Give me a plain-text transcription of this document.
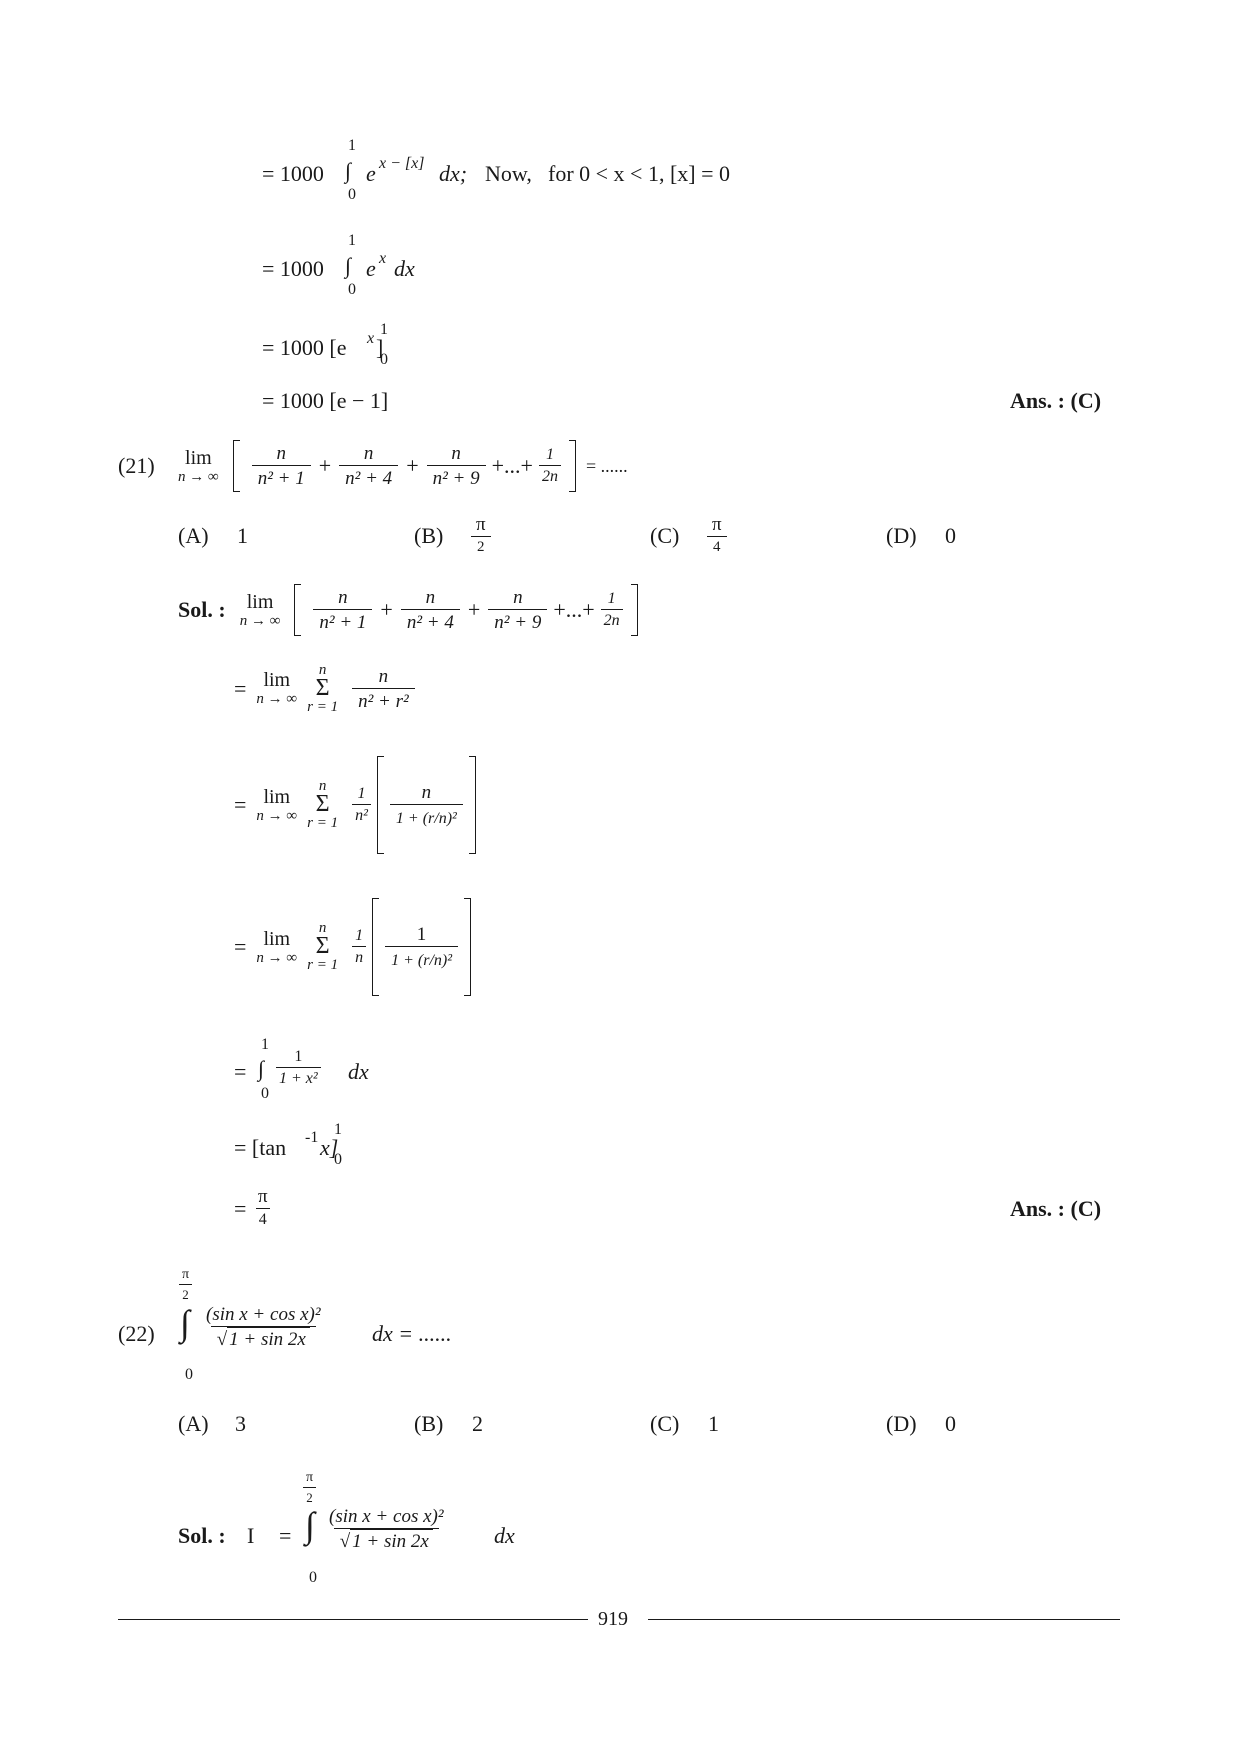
= 1000
1
∫
0
e x − [x] dx; Now, for 0 < x < 1, [x] = 0
= 1000
1
∫
0
e x dx
= 1000 [e x ]
1
0
= 1000 [e − 1]	Ans. : (C)
(21)	lim
n → ∞ $\frac{n}{\text{n² + 1}} + \frac{n}{\text{n² + 4}} + \frac{n}{\text{n² + 9}}$ +...+ $\frac{1}{2n}$ = ......
(A) 1	(B)	π
2	(C)	π
4	(D) 0
Sol. : lim
n → ∞ $\frac{n}{\text{n² + 1}} + \frac{n}{\text{n² + 4}} + \frac{n}{\text{n² + 9}}$ +...+ $\frac{1}{2n}$
= lim
n → ∞
n
Σ
$r = 1 \frac{n}{\text{n² + r²}}$
= lim
n → ∞
n
Σ
$r = 1 \frac{1}{\text{n²}} \frac{n}{\text{1 + (r/n)²}}$
= lim
n → ∞
n
Σ
$r = 1 \frac{1}{n} \frac{1}{\text{1 + (r/n)²}}$
=
1
∫
0
$\frac{1}{\text{1 + x²}}$ dx
= [tan -1 x]
1
0
= π
4	Ans. : (C)
(22)
$\frac{\pi}{2}$
∫
0
$\frac{\text{(sin x + cos x)²}}{√ 1 + \sin 2x}$ dx = ......
(A) 3	(B) 2	(C) 1	(D) 0
Sol. : I =
$\frac{\pi}{2}$
∫
0
$\frac{\text{(sin x + cos x)²}}{√ 1 + \sin 2x}$ dx
919
